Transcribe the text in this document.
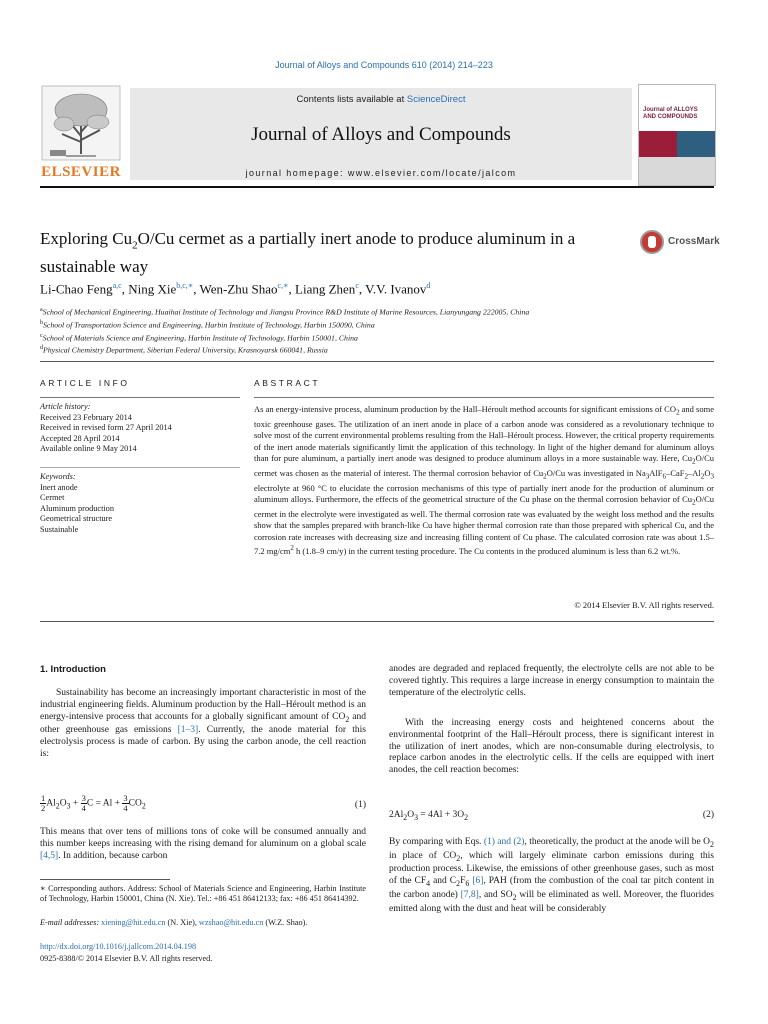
Journal of Alloys and Compounds 610 (2014) 214–223
ELSEVIER
Contents lists available at ScienceDirect
Journal of Alloys and Compounds
journal homepage: www.elsevier.com/locate/jalcom
Journal of ALLOYS AND COMPOUNDS
Exploring $Cu_2O/Cu$ cermet as a partially inert anode to produce aluminum in a sustainable way
CrossMark
Li-Chao Feng$^{a,c}$, Ning Xie$^{b,c,∗}$, Wen-Zhu Shao$^{c,∗}$, Liang Zhen$^c$, V.V. Ivanov$^d$
$^a$School of Mechanical Engineering, Huaihai Institute of Technology and Jiangsu Province R&D Institute of Marine Resources, Lianyungang 222005, China
$^b$School of Transportation Science and Engineering, Harbin Institute of Technology, Harbin 150090, China
$^c$School of Materials Science and Engineering, Harbin Institute of Technology, Harbin 150001, China
$^d$Physical Chemistry Department, Siberian Federal University, Krasnoyarsk 660041, Russia
ARTICLE INFO	ABSTRACT
Article history:
Received 23 February 2014
Received in revised form 27 April 2014
Accepted 28 April 2014
Available online 9 May 2014
Keywords:
Inert anode
Cermet
Aluminum production
Geometrical structure
Sustainable
As an energy-intensive process, aluminum production by the Hall–Héroult method accounts for significant emissions of $CO_2$ and some toxic greenhouse gases. The utilization of an inert anode in place of a carbon anode was considered as a revolutionary technique to solve most of the current environmental problems resulting from the Hall–Héroult process. However, the critical property requirements of the inert anode materials significantly limit the application of this technology. In light of the higher demand for aluminum alloys than for pure aluminum, a partially inert anode was designed to produce aluminum alloys in a more sustainable way. Here, $Cu_2O/Cu$ cermet was chosen as the material of interest. The thermal corrosion behavior of $Cu_2O/Cu$ was investigated in $Na_3AlF_6-CaF_2-Al_2O_3$ electrolyte at 960 °C to elucidate the corrosion mechanisms of this type of partially inert anode for the production of aluminum or aluminum alloys. Furthermore, the effects of the geometrical structure of the Cu phase on the thermal corrosion behavior of $Cu_2O/Cu$ cermet in the electrolyte were investigated as well. The thermal corrosion rate was evaluated by the weight loss method and the results show that the samples prepared with branch-like Cu have higher thermal corrosion rate than those prepared with spherical Cu, and the corrosion rate increases with decreasing size and increasing filling content of Cu phase. The calculated corrosion rate was about 1.5–7.2 $mg/cm^2$ h (1.8–9 cm/y) in the current testing procedure. The Cu contents in the produced aluminum is less than 6.2 wt.%.
© 2014 Elsevier B.V. All rights reserved.
1. Introduction
Sustainability has become an increasingly important characteristic in most of the industrial engineering fields. Aluminum production by the Hall–Héroult method is an energy-intensive process that accounts for a globally significant amount of $CO_2$ and other greenhouse gas emissions [1–3]. Currently, the anode material for this electrolysis process is made of carbon. By using the carbon anode, the cell reaction is:
$\frac{1}{2} Al_2O_3 + \frac{3}{4}$ $C = Al + \frac{3}{4} CO_2$	(1)
This means that over tens of millions tons of coke will be consumed annually and this number keeps increasing with the rising demand for aluminum on a global scale [4,5]. In addition, because carbon
∗ Corresponding authors. Address: School of Materials Science and Engineering, Harbin Institute of Technology, Harbin 150001, China (N. Xie). Tel.: +86 451 86412133; fax: +86 451 86414392.
E-mail addresses: xiening@hit.edu.cn (N. Xie), wzshao@hit.edu.cn (W.Z. Shao).
http://dx.doi.org/10.1016/j.jallcom.2014.04.198
0925-8388/© 2014 Elsevier B.V. All rights reserved.
anodes are degraded and replaced frequently, the electrolyte cells are not able to be covered tightly. This requires a large increase in energy consumption to maintain the temperature of the electrolytic cells.
With the increasing energy costs and heightened concerns about the environmental footprint of the Hall–Héroult process, there is significant interest in the utilization of inert anodes, which are non-consumable during electrolysis, to replace carbon anodes in the electrolytic cells. If the cells are equipped with inert anodes, the cell reaction becomes:
$2Al_2O_3 = 4Al + 3O_2$	(2)
By comparing with Eqs. (1) and (2), theoretically, the product at the anode will be $O_2$ in place of $CO_2$, which will largely eliminate carbon emissions during this production process. Likewise, the emissions of other greenhouse gases, such as most of the $CF_4$ and $C_2F_6$ [6], PAH (from the combustion of the coal tar pitch content in the carbon anode) [7,8], and $SO_2$ will be eliminated as well. Moreover, the fluorides emitted along with the dust and heat will be considerably
